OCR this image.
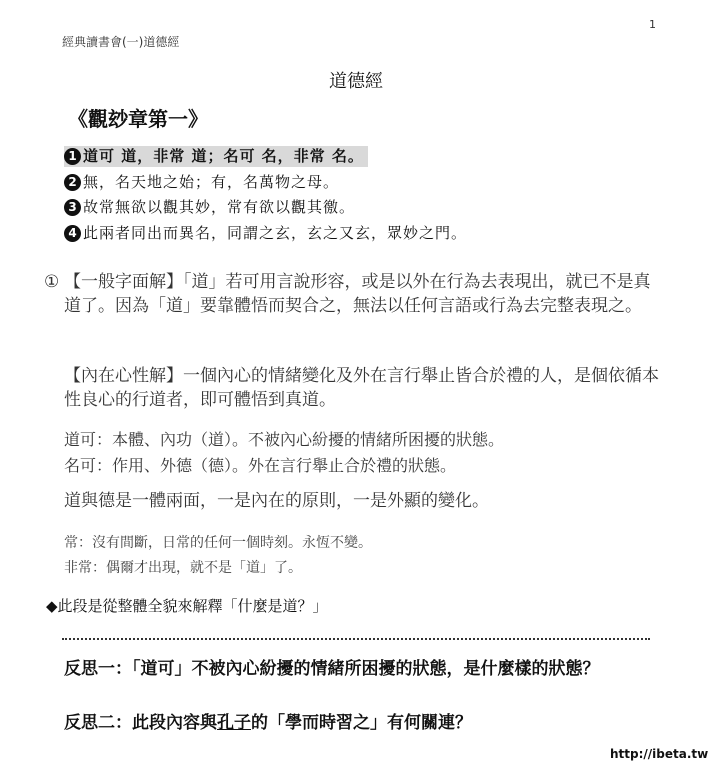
經典讀書會(一)道德經
1
道德經
《觀玅章第一》
1 道可 道，非常 道；名可 名，非常 名。
2 無，名天地之始；有，名萬物之母。
3 故常無欲以觀其妙，常有欲以觀其徼。
4 此兩者同出而異名，同謂之玄，玄之又玄，眾妙之門。
① 【一般字面解】「道」若可用言說形容，或是以外在行為去表現出，就已不是真道了。因為「道」要靠體悟而契合之，無法以任何言語或行為去完整表現之。
【內在心性解】一個內心的情緒變化及外在言行舉止皆合於禮的人，是個依循本性良心的行道者，即可體悟到真道。
道可：本體、內功（道）。不被內心紛擾的情緒所困擾的狀態。
名可：作用、外德（德）。外在言行舉止合於禮的狀態。
道與德是一體兩面，一是內在的原則，一是外顯的變化。
常：沒有間斷，日常的任何一個時刻。永恆不變。
非常：偶爾才出現，就不是「道」了。
◆此段是從整體全貌來解釋「什麼是道？」
反思一：「道可」不被內心紛擾的情緒所困擾的狀態，是什麼樣的狀態？
反思二：此段內容與孔子的「學而時習之」有何關連？
http://ibeta.tw
